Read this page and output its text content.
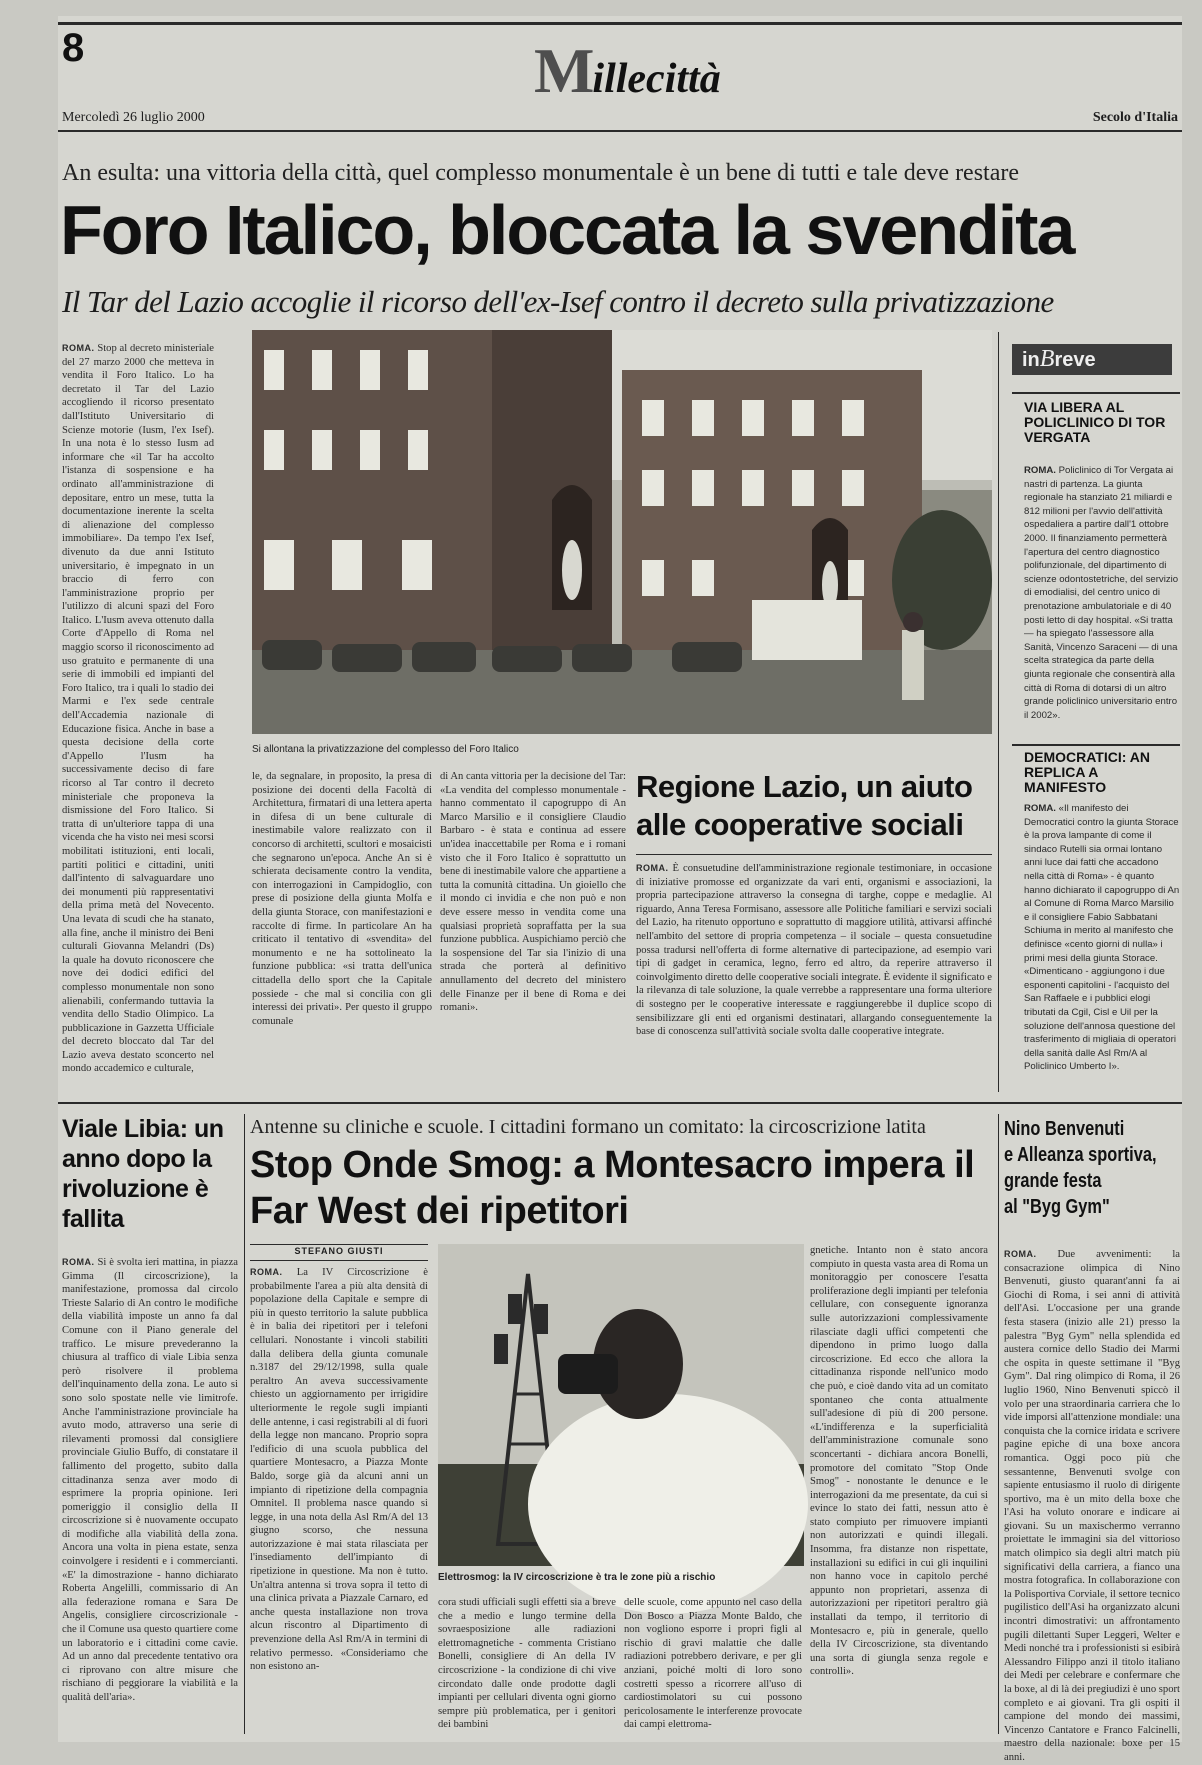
8	Millecittà
Mercoledì 26 luglio 2000	Secolo d'Italia
An esulta: una vittoria della città, quel complesso monumentale è un bene di tutti e tale deve restare
Foro Italico, bloccata la svendita
Il Tar del Lazio accoglie il ricorso dell'ex-Isef contro il decreto sulla privatizzazione
ROMA. Stop al decreto ministeriale del 27 marzo 2000 che metteva in vendita il Foro Italico. Lo ha decretato il Tar del Lazio accogliendo il ricorso presentato dall'Istituto Universitario di Scienze motorie (Iusm, l'ex Isef). In una nota è lo stesso Iusm ad informare che «il Tar ha accolto l'istanza di sospensione e ha ordinato all'amministrazione di depositare, entro un mese, tutta la documentazione inerente la scelta di alienazione del complesso immobiliare». Da tempo l'ex Isef, divenuto da due anni Istituto universitario, è impegnato in un braccio di ferro con l'amministrazione proprio per l'utilizzo di alcuni spazi del Foro Italico. L'Iusm aveva ottenuto dalla Corte d'Appello di Roma nel maggio scorso il riconoscimento ad uso gratuito e permanente di una serie di immobili ed impianti del Foro Italico, tra i quali lo stadio dei Marmi e l'ex sede centrale dell'Accademia nazionale di Educazione fisica. Anche in base a questa decisione della corte d'Appello l'Iusm ha successivamente deciso di fare ricorso al Tar contro il decreto ministeriale che proponeva la dismissione del Foro Italico. Si tratta di un'ulteriore tappa di una vicenda che ha visto nei mesi scorsi mobilitati istituzioni, enti locali, partiti politici e cittadini, uniti dall'intento di salvaguardare uno dei monumenti più rappresentativi della prima metà del Novecento. Una levata di scudi che ha stanato, alla fine, anche il ministro dei Beni culturali Giovanna Melandri (Ds) la quale ha dovuto riconoscere che nove dei dodici edifici del complesso monumentale non sono alienabili, confermando tuttavia la vendita dello Stadio Olimpico. La pubblicazione in Gazzetta Ufficiale del decreto bloccato dal Tar del Lazio aveva destato sconcerto nel mondo accademico e culturale,
Si allontana la privatizzazione del complesso del Foro Italico
le, da segnalare, in proposito, la presa di posizione dei docenti della Facoltà di Architettura, firmatari di una lettera aperta in difesa di un bene culturale di inestimabile valore realizzato con il concorso di architetti, scultori e mosaicisti che segnarono un'epoca. Anche An si è schierata decisamente contro la vendita, con interrogazioni in Campidoglio, con prese di posizione della giunta Molfa e della giunta Storace, con manifestazioni e raccolte di firme. In particolare An ha criticato il tentativo di «svendita» del monumento e ne ha sottolineato la funzione pubblica: «si tratta dell'unica cittadella dello sport che la Capitale possiede - che mal si concilia con gli interessi dei privati». Per questo il gruppo comunale
di An canta vittoria per la decisione del Tar: «La vendita del complesso monumentale - hanno commentato il capogruppo di An Marco Marsilio e il consigliere Claudio Barbaro - è stata e continua ad essere un'idea inaccettabile per Roma e i romani visto che il Foro Italico è soprattutto un bene di inestimabile valore che appartiene a tutta la comunità cittadina. Un gioiello che il mondo ci invidia e che non può e non deve essere messo in vendita come una qualsiasi proprietà sopraffatta per la sua funzione pubblica. Auspichiamo perciò che la sospensione del Tar sia l'inizio di una strada che porterà al definitivo annullamento del decreto del ministero delle Finanze per il bene di Roma e dei romani».
Regione Lazio, un aiuto alle cooperative sociali
ROMA. È consuetudine dell'amministrazione regionale testimoniare, in occasione di iniziative promosse ed organizzate da vari enti, organismi e associazioni, la propria partecipazione attraverso la consegna di targhe, coppe e medaglie. Al riguardo, Anna Teresa Formisano, assessore alle Politiche familiari e servizi sociali del Lazio, ha ritenuto opportuno e soprattutto di maggiore utilità, attivarsi affinché nell'ambito del settore di propria competenza – il sociale – questa consuetudine possa tradursi nell'offerta di forme alternative di partecipazione, ad esempio vari tipi di gadget in ceramica, legno, ferro ed altro, da reperire attraverso il coinvolgimento diretto delle cooperative sociali integrate. È evidente il significato e la rilevanza di tale soluzione, la quale verrebbe a rappresentare una forma ulteriore di sostegno per le cooperative interessate e raggiungerebbe il duplice scopo di sensibilizzare gli enti ed organismi destinatari, allargando conseguentemente la base di conoscenza sull'attività sociale svolta dalle cooperative integrate.
inBreve
VIA LIBERA AL POLICLINICO DI TOR VERGATA
ROMA. Policlinico di Tor Vergata ai nastri di partenza. La giunta regionale ha stanziato 21 miliardi e 812 milioni per l'avvio dell'attività ospedaliera a partire dall'1 ottobre 2000. Il finanziamento permetterà l'apertura del centro diagnostico polifunzionale, del dipartimento di scienze odontostetriche, del servizio di emodialisi, del centro unico di prenotazione ambulatoriale e di 40 posti letto di day hospital. «Si tratta — ha spiegato l'assessore alla Sanità, Vincenzo Saraceni — di una scelta strategica da parte della giunta regionale che consentirà alla città di Roma di dotarsi di un altro grande policlinico universitario entro il 2002».
DEMOCRATICI: AN REPLICA A MANIFESTO
ROMA. «Il manifesto dei Democratici contro la giunta Storace è la prova lampante di come il sindaco Rutelli sia ormai lontano anni luce dai fatti che accadono nella città di Roma» - è quanto hanno dichiarato il capogruppo di An al Comune di Roma Marco Marsilio e il consigliere Fabio Sabbatani Schiuma in merito al manifesto che definisce «cento giorni di nulla» i primi mesi della giunta Storace. «Dimenticano - aggiungono i due esponenti capitolini - l'acquisto del San Raffaele e i pubblici elogi tributati da Cgil, Cisl e Uil per la soluzione dell'annosa questione del trasferimento di migliaia di operatori della sanità dalle Asl Rm/A al Policlinico Umberto I».
Viale Libia: un anno dopo la rivoluzione è fallita
ROMA. Si è svolta ieri mattina, in piazza Gimma (Il circoscrizione), la manifestazione, promossa dal circolo Trieste Salario di An contro le modifiche della viabilità imposte un anno fa dal Comune con il Piano generale del traffico. Le misure prevederanno la chiusura al traffico di viale Libia senza però risolvere il problema dell'inquinamento della zona. Le auto si sono solo spostate nelle vie limitrofe. Anche l'amministrazione provinciale ha avuto modo, attraverso una serie di rilevamenti promossi dal consigliere provinciale Giulio Buffo, di constatare il fallimento del progetto, subito dalla cittadinanza senza aver modo di esprimere la propria opinione. Ieri pomeriggio il consiglio della II circoscrizione si è nuovamente occupato di modifiche alla viabilità della zona. Ancora una volta in piena estate, senza coinvolgere i residenti e i commercianti. «E' la dimostrazione - hanno dichiarato Roberta Angelilli, commissario di An alla federazione romana e Sara De Angelis, consigliere circoscrizionale - che il Comune usa questo quartiere come un laboratorio e i cittadini come cavie. Ad un anno dal precedente tentativo ora ci riprovano con altre misure che rischiano di peggiorare la viabilità e la qualità dell'aria».
Antenne su cliniche e scuole. I cittadini formano un comitato: la circoscrizione latita
Stop Onde Smog: a Montesacro impera il Far West dei ripetitori
STEFANO GIUSTI
ROMA. La IV Circoscrizione è probabilmente l'area a più alta densità di popolazione della Capitale e sempre di più in questo territorio la salute pubblica è in balia dei ripetitori per i telefoni cellulari. Nonostante i vincoli stabiliti dalla delibera della giunta comunale n.3187 del 29/12/1998, sulla quale peraltro An aveva successivamente chiesto un aggiornamento per irrigidire ulteriormente le regole sugli impianti delle antenne, i casi registrabili al di fuori della legge non mancano. Proprio sopra l'edificio di una scuola pubblica del quartiere Montesacro, a Piazza Monte Baldo, sorge già da alcuni anni un impianto di ripetizione della compagnia Omnitel. Il problema nasce quando si legge, in una nota della Asl Rm/A del 13 giugno scorso, che nessuna autorizzazione è mai stata rilasciata per l'insediamento dell'impianto di ripetizione in questione. Ma non è tutto. Un'altra antenna si trova sopra il tetto di una clinica privata a Piazzale Carnaro, ed anche questa installazione non trova alcun riscontro al Dipartimento di prevenzione della Asl Rm/A in termini di relativo permesso. «Consideriamo che non esistono an-
Elettrosmog: la IV circoscrizione è tra le zone più a rischio
cora studi ufficiali sugli effetti sia a breve che a medio e lungo termine della sovraesposizione alle radiazioni elettromagnetiche - commenta Cristiano Bonelli, consigliere di An della IV circoscrizione - la condizione di chi vive circondato dalle onde prodotte dagli impianti per cellulari diventa ogni giorno sempre più problematica, per i genitori dei bambini
delle scuole, come appunto nel caso della Don Bosco a Piazza Monte Baldo, che non vogliono esporre i propri figli al rischio di gravi malattie che dalle radiazioni potrebbero derivare, e per gli anziani, poiché molti di loro sono costretti spesso a ricorrere all'uso di cardiostimolatori su cui possono pericolosamente le interferenze provocate dai campi elettroma-
gnetiche. Intanto non è stato ancora compiuto in questa vasta area di Roma un monitoraggio per conoscere l'esatta proliferazione degli impianti per telefonia cellulare, con conseguente ignoranza sulle autorizzazioni complessivamente rilasciate dagli uffici competenti che dipendono in primo luogo dalla circoscrizione. Ed ecco che allora la cittadinanza risponde nell'unico modo che può, e cioè dando vita ad un comitato spontaneo che conta attualmente sull'adesione di più di 200 persone. «L'indifferenza e la superficialità dell'amministrazione comunale sono sconcertanti - dichiara ancora Bonelli, promotore del comitato "Stop Onde Smog" - nonostante le denunce e le interrogazioni da me presentate, da cui si evince lo stato dei fatti, nessun atto è stato compiuto per rimuovere impianti non autorizzati e quindi illegali. Insomma, fra distanze non rispettate, installazioni su edifici in cui gli inquilini non hanno voce in capitolo perché appunto non proprietari, assenza di autorizzazioni per ripetitori peraltro già installati da tempo, il territorio di Montesacro e, più in generale, quello della IV Circoscrizione, sta diventando una sorta di giungla senza regole e controlli».
Nino Benvenuti
e Alleanza sportiva,
grande festa
al "Byg Gym"
ROMA. Due avvenimenti: la consacrazione olimpica di Nino Benvenuti, giusto quarant'anni fa ai Giochi di Roma, i sei anni di attività dell'Asi. L'occasione per una grande festa stasera (inizio alle 21) presso la palestra "Byg Gym" nella splendida ed austera cornice dello Stadio dei Marmi che ospita in queste settimane il "Byg Gym". Dal ring olimpico di Roma, il 26 luglio 1960, Nino Benvenuti spiccò il volo per una straordinaria carriera che lo vide imporsi all'attenzione mondiale: una conquista che la cornice iridata e scrivere pagine epiche di una boxe ancora romantica. Oggi poco più che sessantenne, Benvenuti svolge con sapiente entusiasmo il ruolo di dirigente sportivo, ma è un mito della boxe che l'Asi ha voluto onorare e indicare ai giovani. Su un maxischermo verranno proiettate le immagini sia del vittorioso match olimpico sia degli altri match più significativi della carriera, a fianco una mostra fotografica. In collaborazione con la Polisportiva Corviale, il settore tecnico pugilistico dell'Asi ha organizzato alcuni incontri dimostrativi: un affrontamento pugili dilettanti Super Leggeri, Welter e Medi nonché tra i professionisti si esibirà Alessandro Filippo anzi il titolo italiano dei Medi per celebrare e confermare che la boxe, al di là dei pregiudizi è uno sport completo e ai giovani. Tra gli ospiti il campione del mondo dei massimi, Vincenzo Cantatore e Franco Falcinelli, maestro della nazionale: boxe per 15 anni.
